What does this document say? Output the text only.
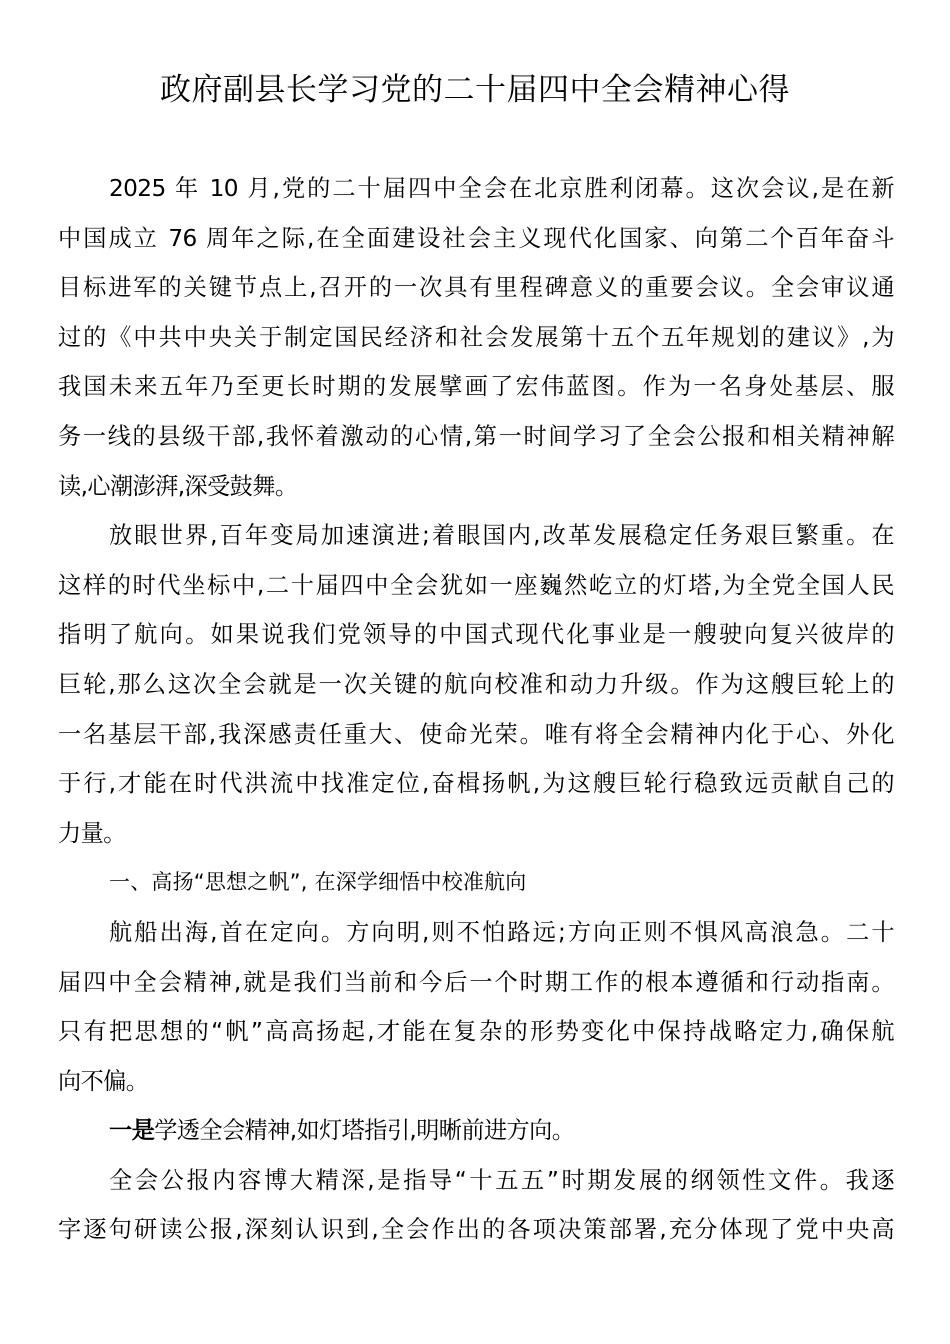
政府副县长学习党的二十届四中全会精神心得
2025 年 10 月,党的二十届四中全会在北京胜利闭幕。这次会议,是在新
中国成立 76 周年之际,在全面建设社会主义现代化国家、向第二个百年奋斗
目标进军的关键节点上,召开的一次具有里程碑意义的重要会议。全会审议通
过的《中共中央关于制定国民经济和社会发展第十五个五年规划的建议》,为
我国未来五年乃至更长时期的发展擘画了宏伟蓝图。作为一名身处基层、服
务一线的县级干部,我怀着激动的心情,第一时间学习了全会公报和相关精神解
读,心潮澎湃,深受鼓舞。
放眼世界,百年变局加速演进;着眼国内,改革发展稳定任务艰巨繁重。在
这样的时代坐标中,二十届四中全会犹如一座巍然屹立的灯塔,为全党全国人民
指明了航向。如果说我们党领导的中国式现代化事业是一艘驶向复兴彼岸的
巨轮,那么这次全会就是一次关键的航向校准和动力升级。作为这艘巨轮上的
一名基层干部,我深感责任重大、使命光荣。唯有将全会精神内化于心、外化
于行,才能在时代洪流中找准定位,奋楫扬帆,为这艘巨轮行稳致远贡献自己的
力量。
一、高扬“思想之帆”, 在深学细悟中校准航向
航船出海,首在定向。方向明,则不怕路远;方向正则不惧风高浪急。二十
届四中全会精神,就是我们当前和今后一个时期工作的根本遵循和行动指南。
只有把思想的“帆”高高扬起,才能在复杂的形势变化中保持战略定力,确保航
向不偏。
一是学透全会精神,如灯塔指引,明晰前进方向。
全会公报内容博大精深,是指导“十五五”时期发展的纲领性文件。我逐
字逐句研读公报,深刻认识到,全会作出的各项决策部署,充分体现了党中央高
